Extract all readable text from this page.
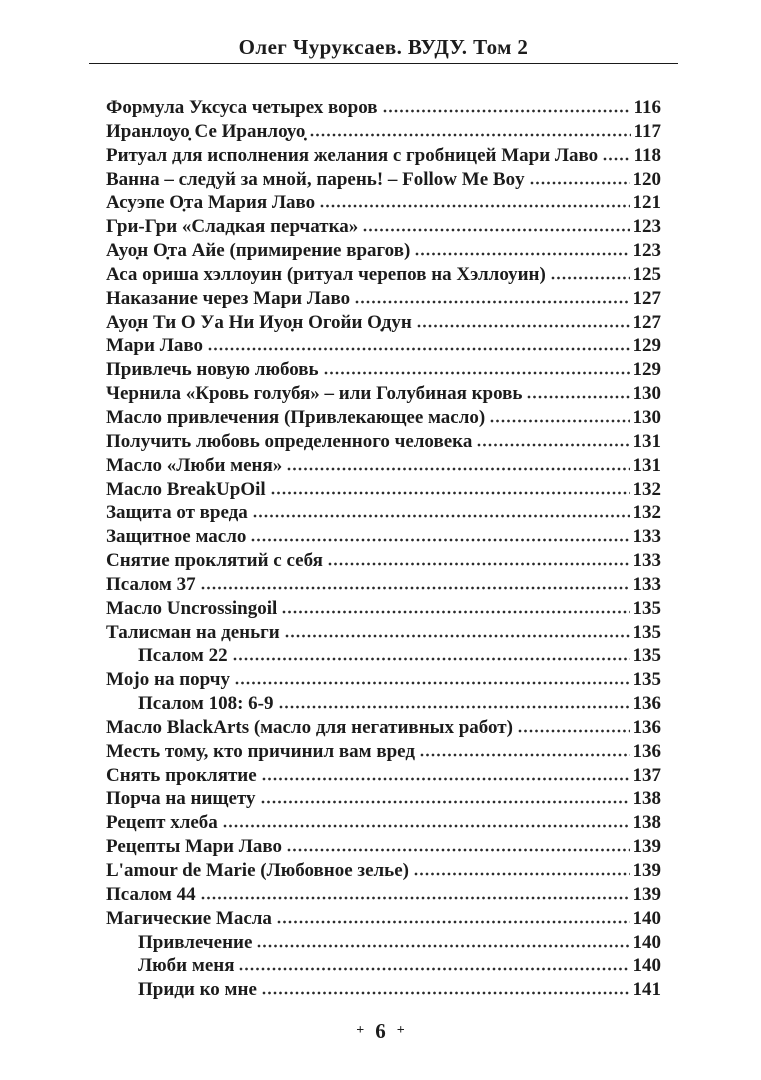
Олег Чуруксаев. ВУДУ. Том 2
Формула Уксуса четырех воров	116
Иранло̣уо̣ Се Иранло̣уо̣	117
Ритуал для исполнения желания с гробницей Мари Лаво 118
Ванна – следуй за мной, парень! – Follow Me Boy	120
Асуэпе О̣та Мария Лаво	121
Гри-Гри «Сладкая перчатка»	123
Ауо̣н О̣та Айе (примирение врагов)	123
Аса ориша хэллоуин (ритуал черепов на Хэллоуин)	125
Наказание через Мари Лаво	127
Ауо̣н Ти О Уа Ни Иуо̣н Огойи О̣дун	127
Мари Лаво	129
Привлечь новую любовь	129
Чернила «Кровь голубя» – или Голубиная кровь	130
Масло привлечения (Привлекающее масло)	130
Получить любовь определенного человека	131
Масло «Люби меня»	131
Масло BreakUpOil	132
Защита от вреда	132
Защитное масло	133
Снятие проклятий с себя	133
Псалом 37	133
Масло Uncrossingoil	135
Талисман на деньги	135
Псалом 22	135
Mojo на порчу	135
Псалом 108: 6-9	136
Масло BlackArts (масло для негативных работ)	136
Месть тому, кто причинил вам вред	136
Снять проклятие	137
Порча на нищету	138
Рецепт хлеба	138
Рецепты Мари Лаво	139
L'amour de Marie (Любовное зелье)	139
Псалом 44	139
Магические Масла	140
Привлечение	140
Люби меня	140
Приди ко мне	141
+ 6 +
